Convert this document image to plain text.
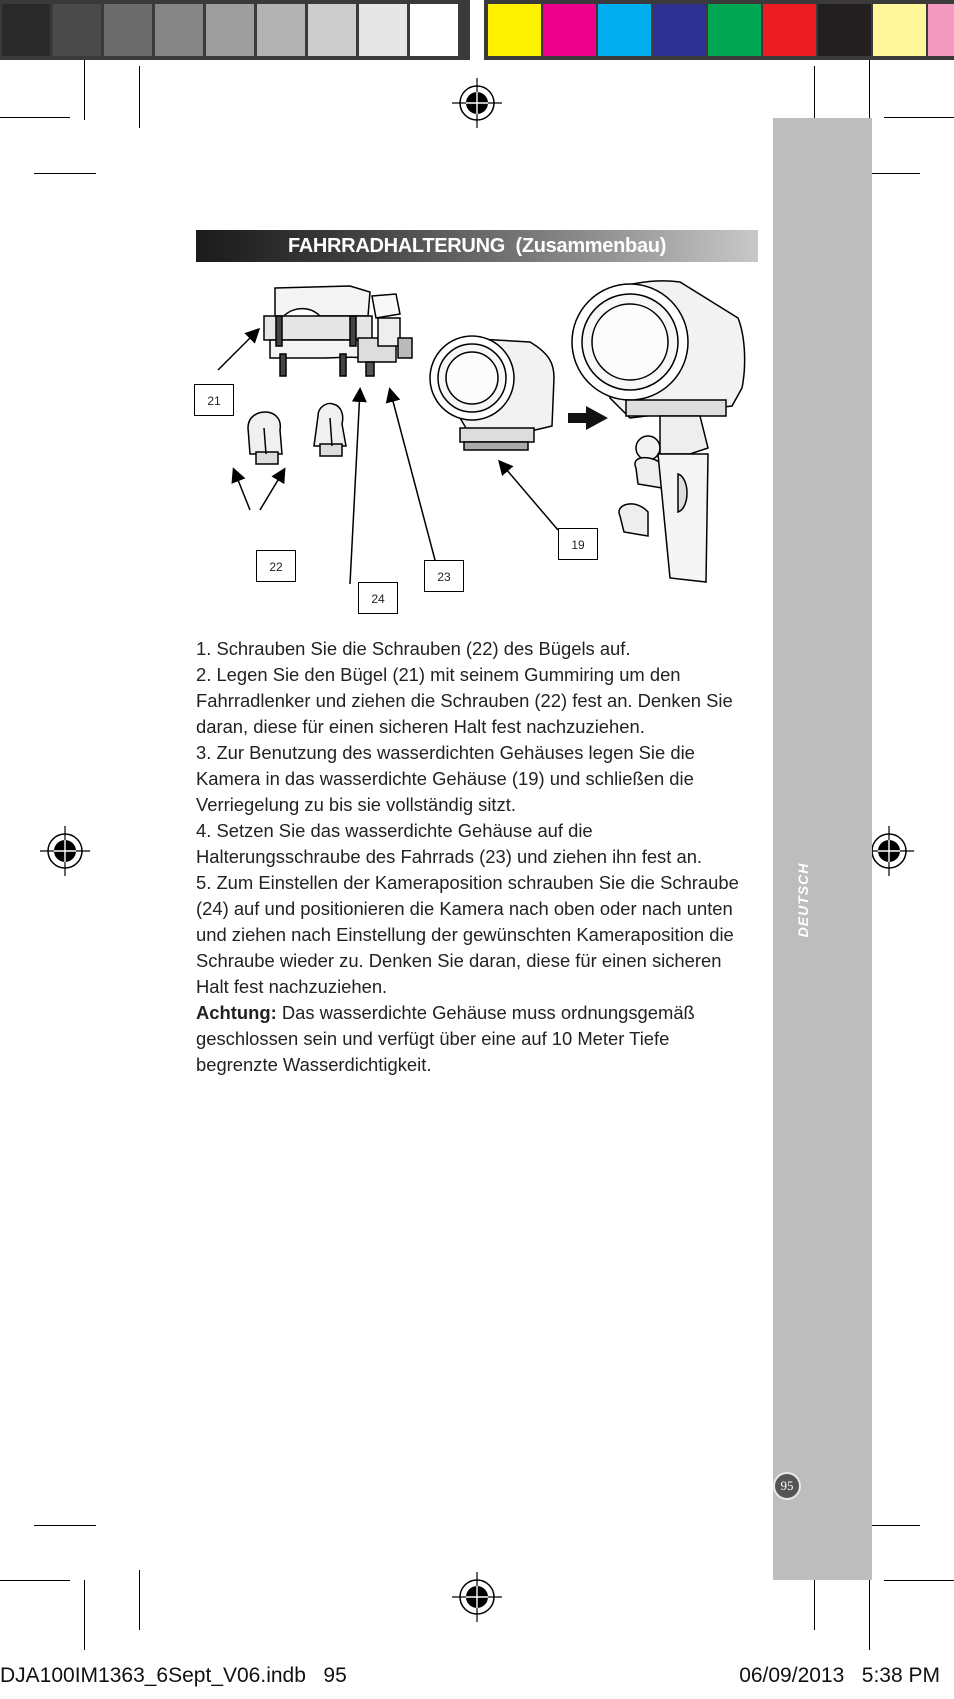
DEUTSCH
95
FAHRRADHALTERUNG  (Zusammenbau)
21
22
24
23
19

1. Schrauben Sie die Schrauben (22) des Bügels auf.

2. Legen Sie den Bügel (21) mit seinem Gummiring um den Fahrradlenker und ziehen die Schrauben (22) fest an. Denken Sie daran, diese für einen sicheren Halt fest nachzuziehen.

3. Zur Benutzung des wasserdichten Gehäuses legen Sie die Kamera in das wasserdichte Gehäuse (19) und schließen die Verriegelung zu bis sie vollständig sitzt.

4. Setzen Sie das wasserdichte Gehäuse auf die Halterungsschraube des Fahrrads (23) und ziehen ihn fest an.

5. Zum Einstellen der Kameraposition schrauben Sie die Schraube (24) auf und positionieren die Kamera nach oben oder nach unten und ziehen nach Einstellung der gewünschten Kameraposition die Schraube wieder zu. Denken Sie daran, diese für einen sicheren Halt fest nachzuziehen.

Achtung: Das wasserdichte Gehäuse muss ordnungsgemäß geschlossen sein und verfügt über eine auf 10 Meter Tiefe begrenzte Wasserdichtigkeit.

DJA100IM1363_6Sept_V06.indb   95	06/09/2013   5:38 PM
